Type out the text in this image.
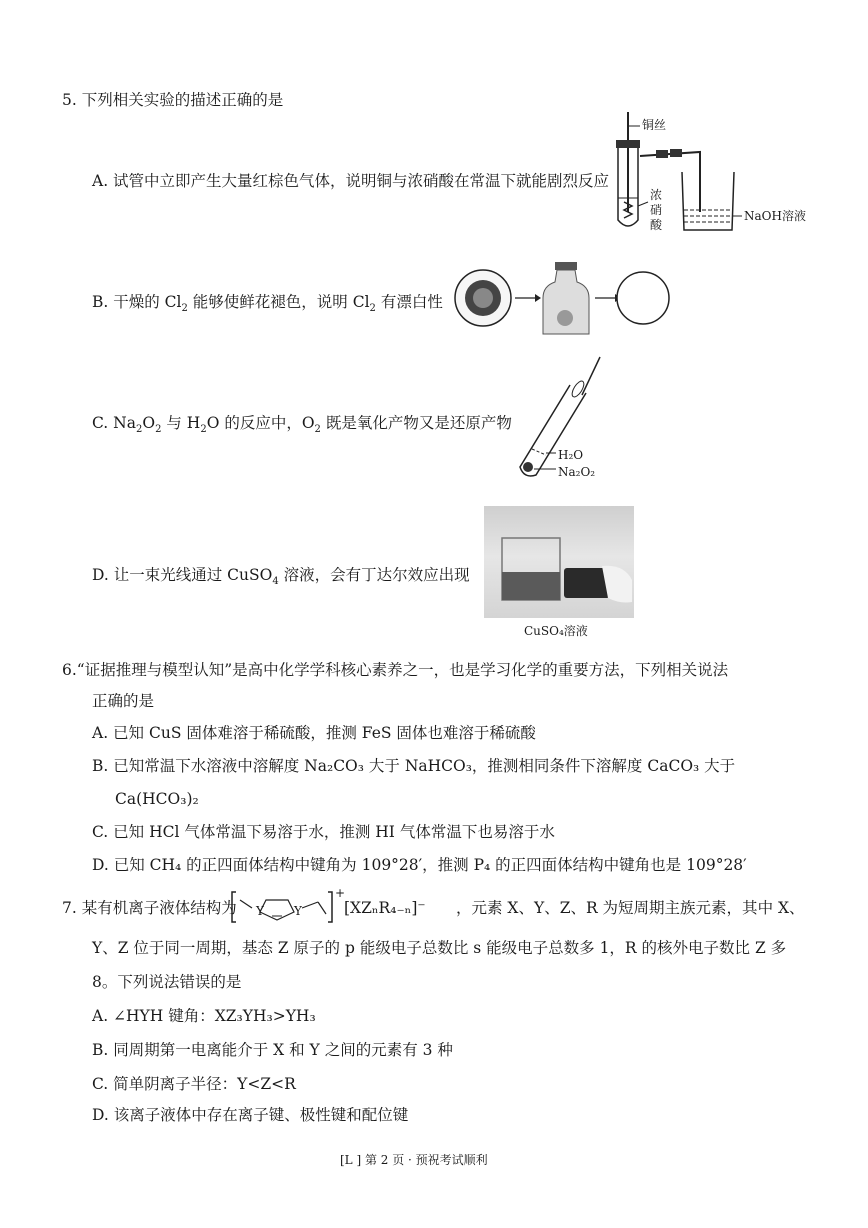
5. 下列相关实验的描述正确的是
A. 试管中立即产生大量红棕色气体，说明铜与浓硝酸在常温下就能剧烈反应
铜丝
浓
硝
酸
NaOH溶液
B. 干燥的 $Cl_2$ 能够使鲜花褪色，说明 $Cl_2$ 有漂白性
C. $Na_2O_2$ 与 $H_2O$ 的反应中，$O_2$ 既是氧化产物又是还原产物
H₂O
Na₂O₂
D. 让一束光线通过 CuSO$_4$ 溶液，会有丁达尔效应出现
CuSO₄溶液
6.“证据推理与模型认知”是高中化学学科核心素养之一，也是学习化学的重要方法，下列相关说法
正确的是
A. 已知 CuS 固体难溶于稀硫酸，推测 FeS 固体也难溶于稀硫酸
B. 已知常温下水溶液中溶解度 Na₂CO₃ 大于 NaHCO₃，推测相同条件下溶解度 CaCO₃ 大于
Ca(HCO₃)₂
C. 已知 HCl 气体常温下易溶于水，推测 HI 气体常温下也易溶于水
D. 已知 CH₄ 的正四面体结构中键角为 109°28′，推测 P₄ 的正四面体结构中键角也是 109°28′
7. 某有机离子液体结构为 Y	Y
+
[XZₙR₄₋ₙ]⁻ ，元素 X、Y、Z、R 为短周期主族元素，其中 X、
Y、Z 位于同一周期，基态 Z 原子的 p 能级电子总数比 s 能级电子总数多 1，R 的核外电子数比 Z 多
8。下列说法错误的是
A. ∠HYH 键角：XZ₃YH₃>YH₃
B. 同周期第一电离能介于 X 和 Y 之间的元素有 3 种
C. 简单阴离子半径：Y<Z<R
D. 该离子液体中存在离子键、极性键和配位键
[L ] 第 2 页 · 预祝考试顺利
